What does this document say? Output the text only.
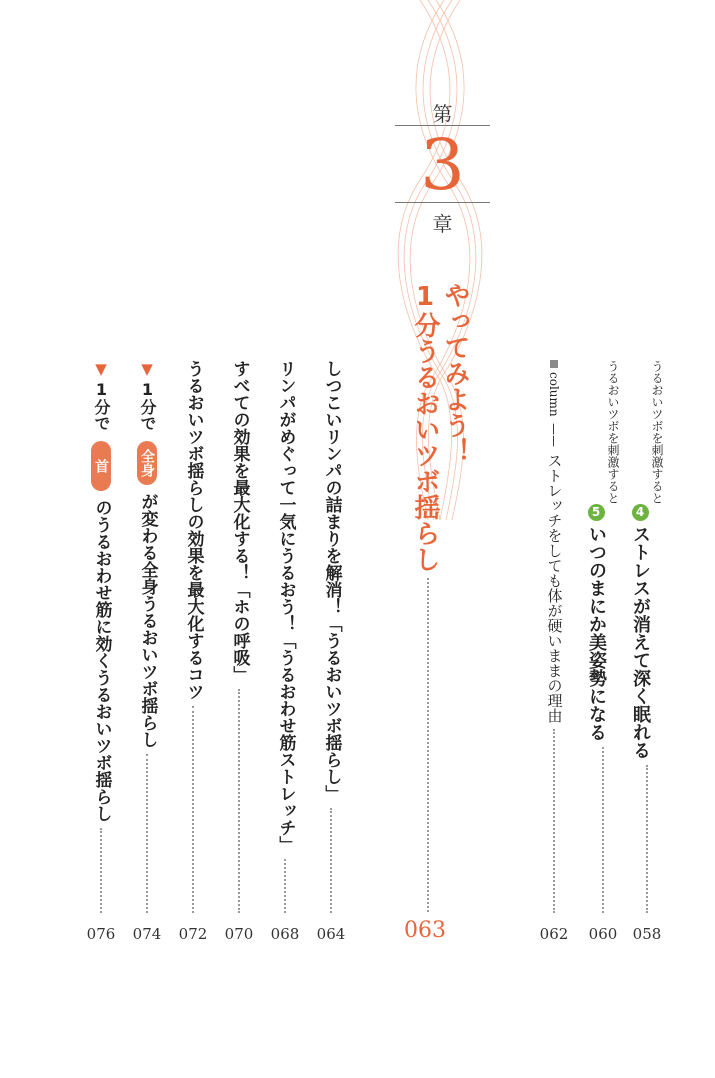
第
3
章
やってみよう！
1分うるおいツボ揺らし
063
うるおいツボを刺激すると
4
ストレスが消えて深く眠れる
うるおいツボを刺激すると
5
いつのまにか美姿勢になる
column
——
ストレッチをしても体が硬いままの理由
しつこいリンパの詰まりを解消！「うるおいツボ揺らし」
リンパがめぐって一気にうるおう！「うるおわせ筋ストレッチ」
すべての効果を最大化する！「ホの呼吸」
うるおいツボ揺らしの効果を最大化するコツ
▼
1分で
全身
が変わる全身うるおいツボ揺らし
▼
1分で
首
のうるおわせ筋に効くうるおいツボ揺らし
058
060
062
064
068
070
072
074
076
